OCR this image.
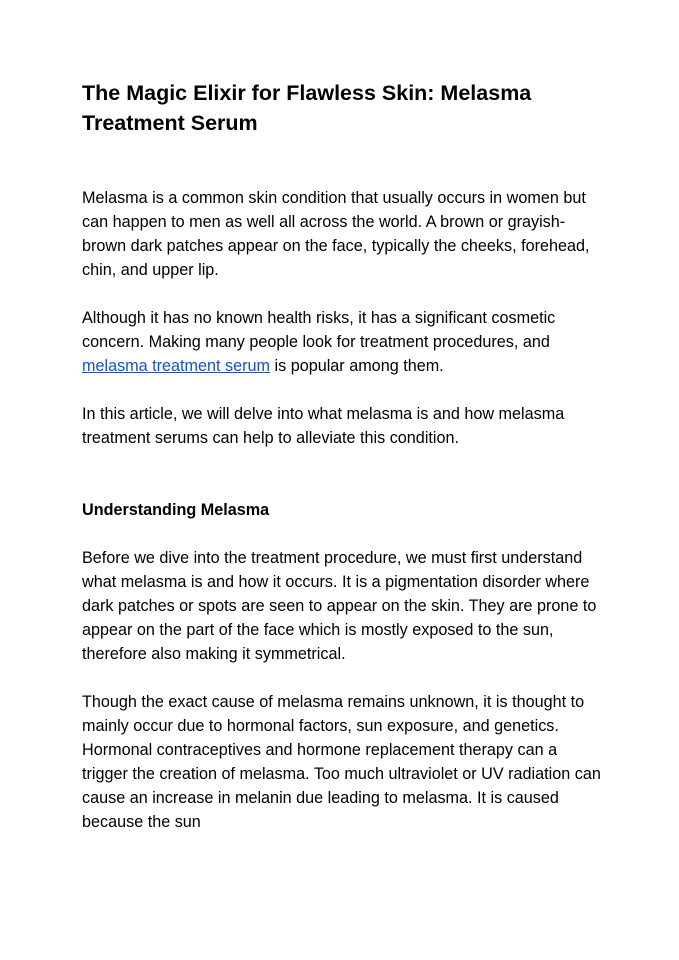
The Magic Elixir for Flawless Skin: Melasma Treatment Serum

Melasma is a common skin condition that usually occurs in women but can happen to men as well all across the world. A brown or grayish-brown dark patches appear on the face, typically the cheeks, forehead, chin, and upper lip.

Although it has no known health risks, it has a significant cosmetic concern. Making many people look for treatment procedures, and melasma treatment serum is popular among them.

In this article, we will delve into what melasma is and how melasma treatment serums can help to alleviate this condition.

Understanding Melasma

Before we dive into the treatment procedure, we must first understand what melasma is and how it occurs. It is a pigmentation disorder where dark patches or spots are seen to appear on the skin. They are prone to appear on the part of the face which is mostly exposed to the sun, therefore also making it symmetrical.

Though the exact cause of melasma remains unknown, it is thought to mainly occur due to hormonal factors, sun exposure, and genetics. Hormonal contraceptives and hormone replacement therapy can a trigger the creation of melasma. Too much ultraviolet or UV radiation can cause an increase in melanin due leading to melasma. It is caused because the sun
